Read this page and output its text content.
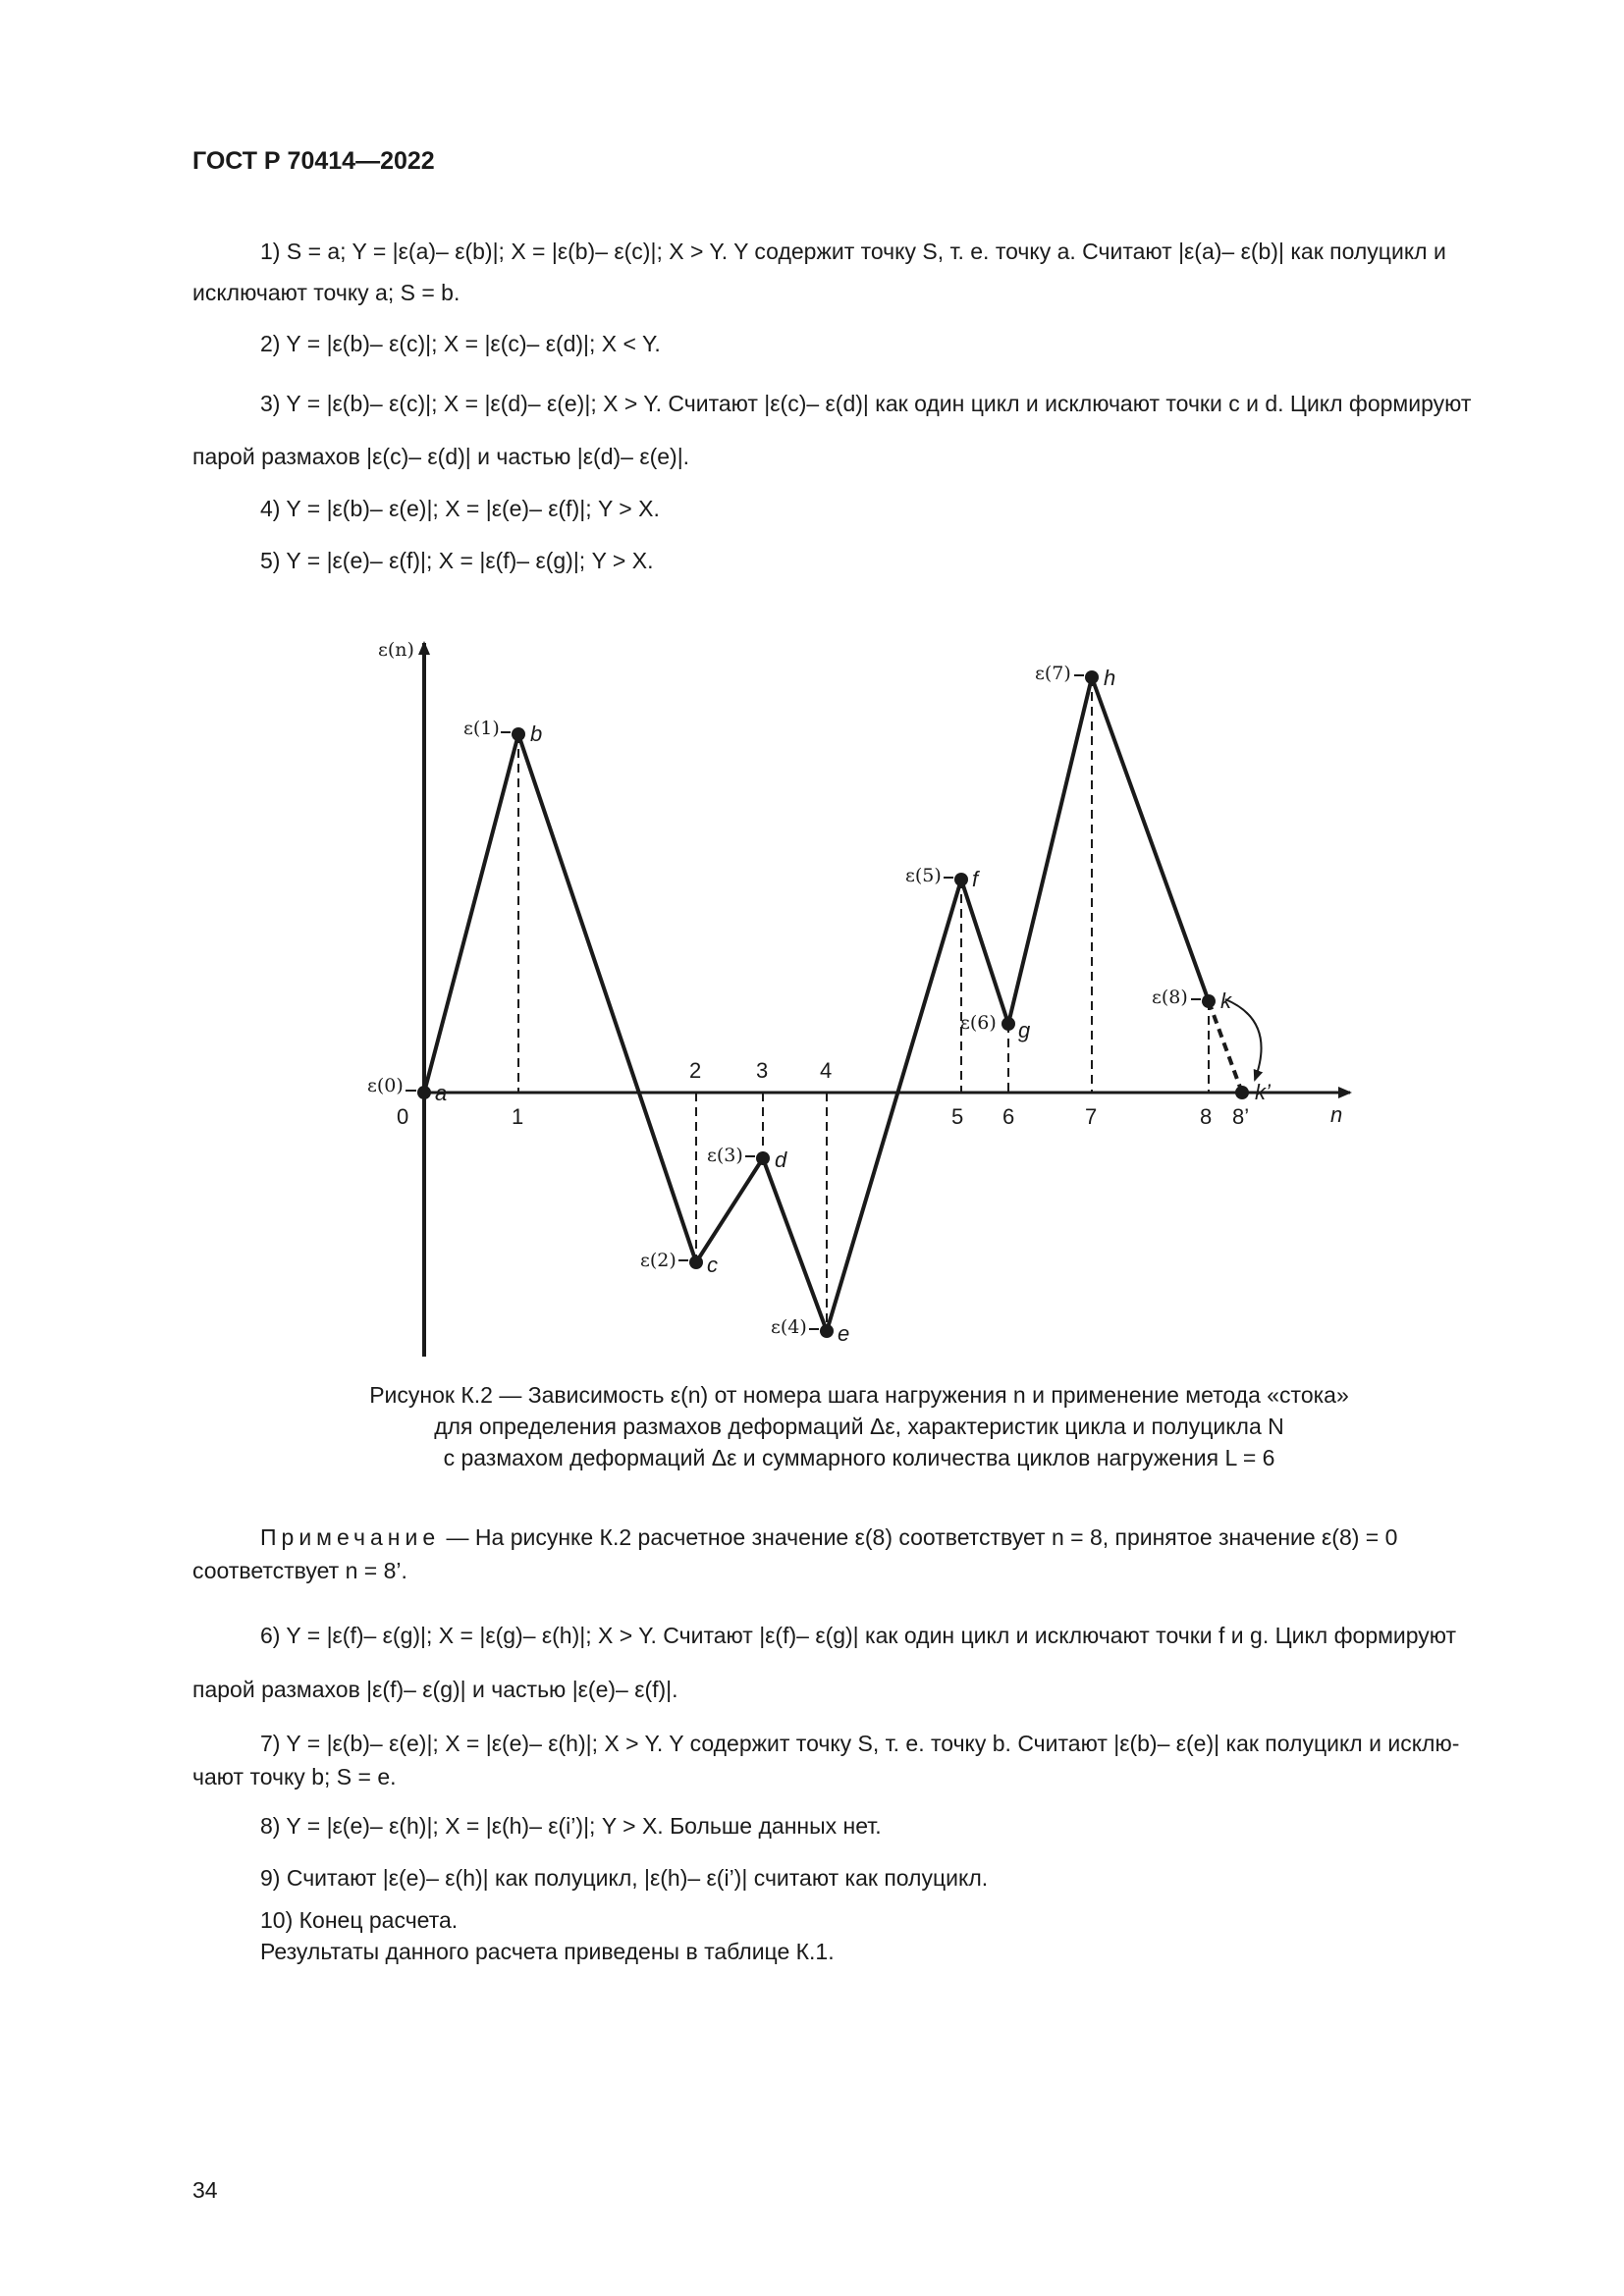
ГОСТ Р 70414—2022
1) S = a; Y = |ε(a)– ε(b)|; X = |ε(b)– ε(c)|; X > Y. Y содержит точку S, т. е. точку a. Считают |ε(a)– ε(b)| как полуцикл и
исключают точку a; S = b.
2) Y = |ε(b)– ε(c)|; X = |ε(c)– ε(d)|; X < Y.
3) Y = |ε(b)– ε(c)|; X = |ε(d)– ε(e)|; X > Y. Считают |ε(c)– ε(d)| как один цикл и исключают точки c и d. Цикл формируют
парой размахов |ε(c)– ε(d)| и частью |ε(d)– ε(e)|.
4) Y = |ε(b)– ε(e)|; X = |ε(e)– ε(f)|; Y > X.
5) Y = |ε(e)– ε(f)|; X = |ε(f)– ε(g)|; Y > X.
ε(n)
n
ε(0)
ε(1)
ε(2)
ε(3)
ε(4)
ε(5)
ε(6)
ε(7)
ε(8)
a
b
c
d
e
f
g
h
k
k’
0	1
2	3 4
5 6	7	8 8’
Рисунок К.2 — Зависимость ε(n) от номера шага нагружения n и применение метода «стока»
для определения размахов деформаций Δε, характеристик цикла и полуцикла N
с размахом деформаций Δε и суммарного количества циклов нагружения L = 6
Примечание — На рисунке К.2 расчетное значение ε(8) соответствует n = 8, принятое значение ε(8) = 0
соответствует n = 8’.
6) Y = |ε(f)– ε(g)|; X = |ε(g)– ε(h)|; X > Y. Считают |ε(f)– ε(g)| как один цикл и исключают точки f и g. Цикл формируют
парой размахов |ε(f)– ε(g)| и частью |ε(e)– ε(f)|.
7) Y = |ε(b)– ε(e)|; X = |ε(e)– ε(h)|; X > Y. Y содержит точку S, т. е. точку b. Считают |ε(b)– ε(e)| как полуцикл и исклю-
чают точку b; S = e.
8) Y = |ε(e)– ε(h)|; X = |ε(h)– ε(i’)|; Y > X. Больше данных нет.
9) Считают |ε(e)– ε(h)| как полуцикл, |ε(h)– ε(i’)| считают как полуцикл.
10) Конец расчета.
Результаты данного расчета приведены в таблице К.1.
34
